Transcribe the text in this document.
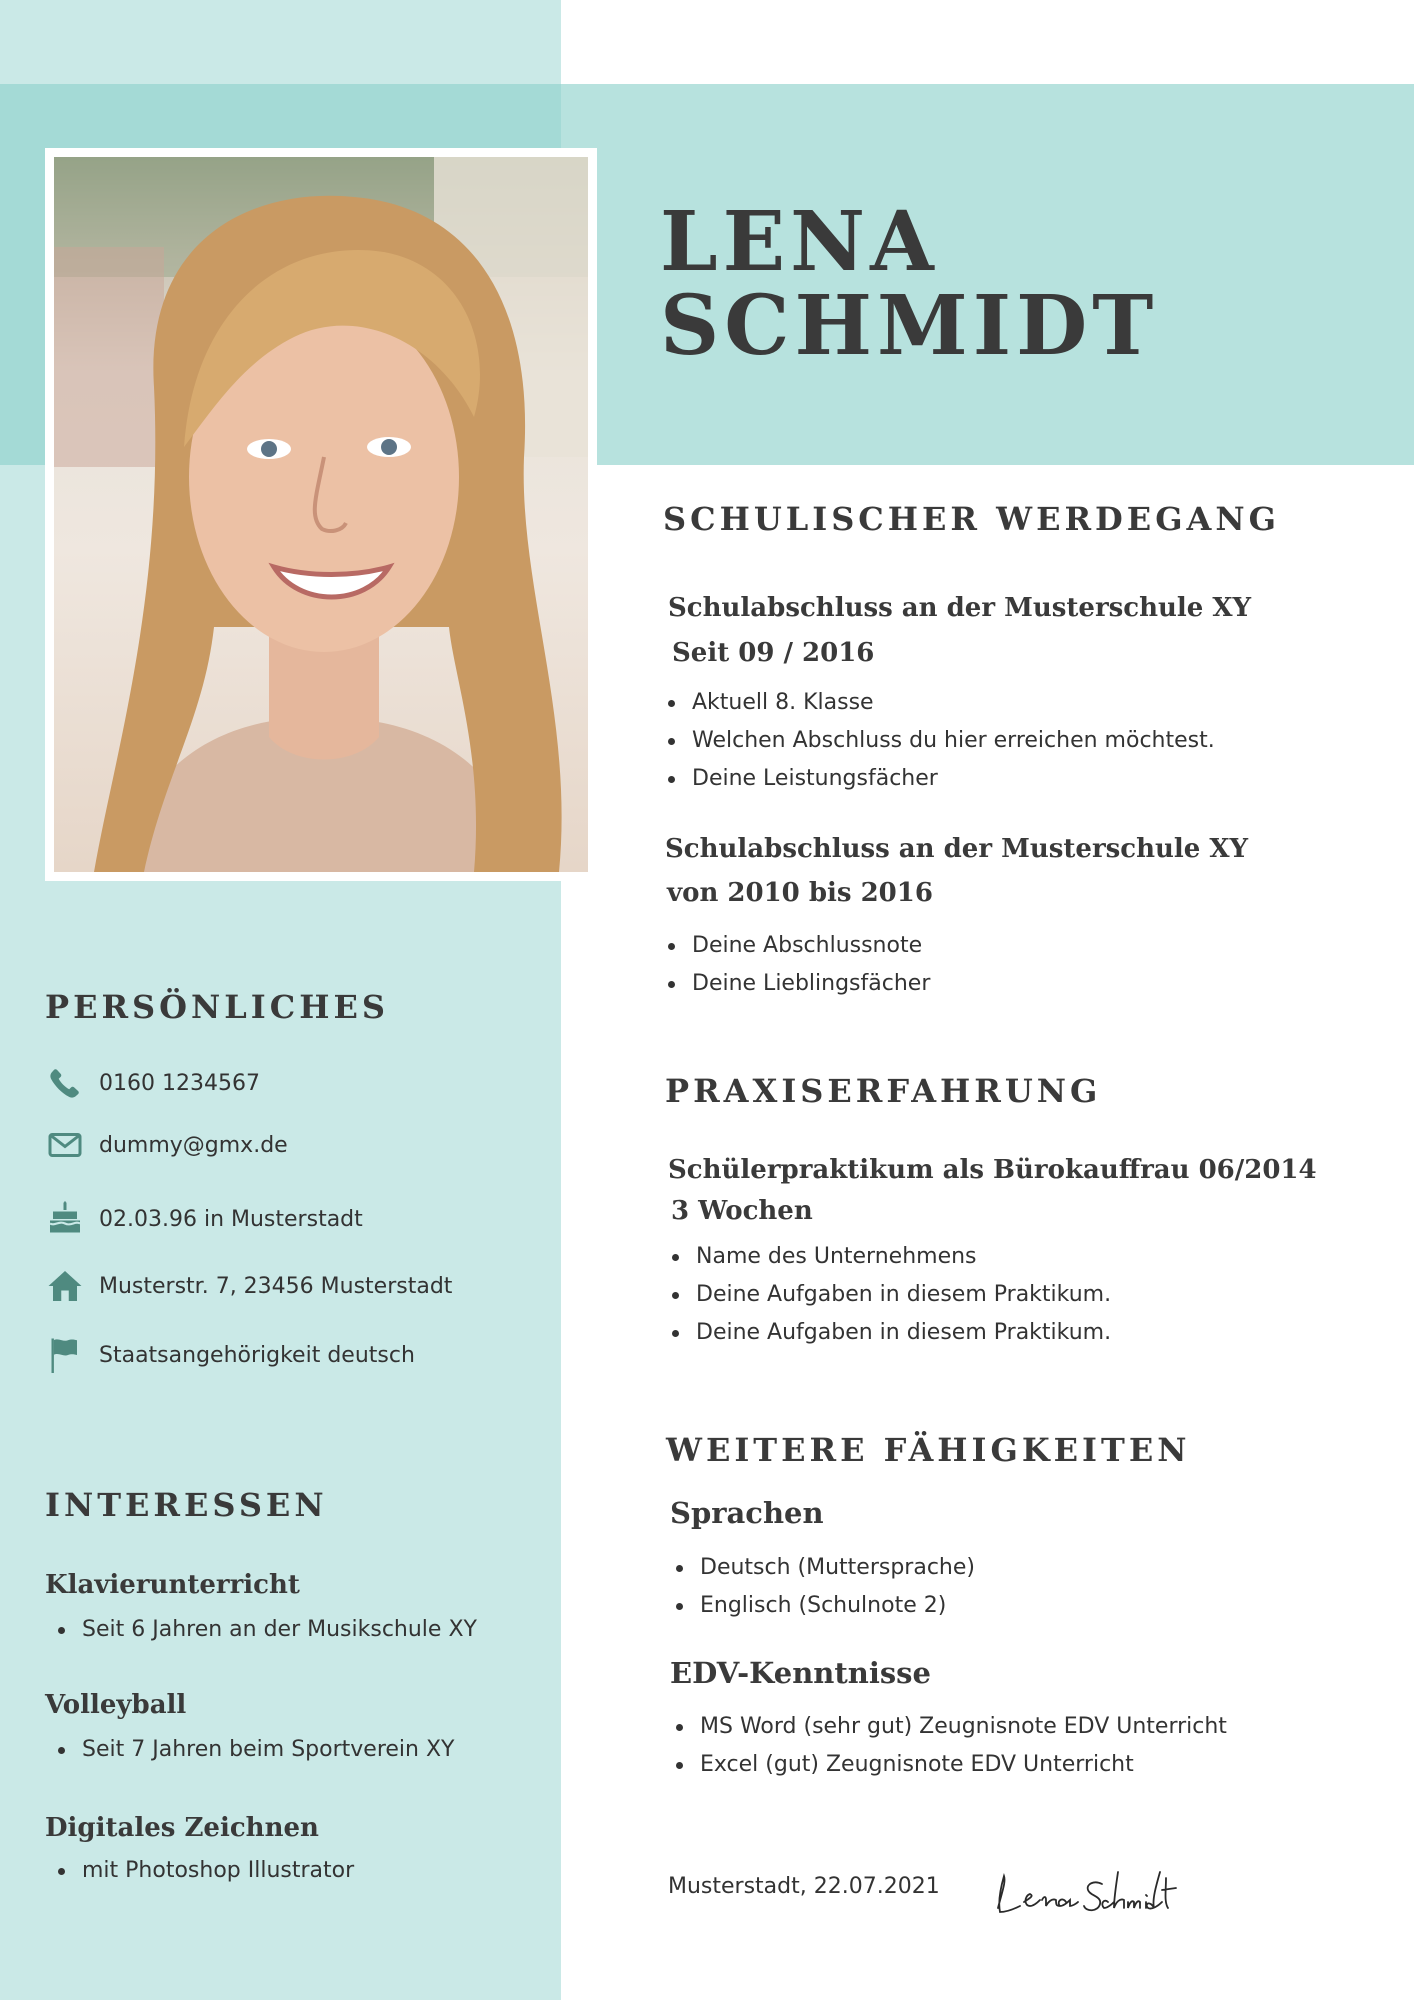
LENA
SCHMIDT
SCHULISCHER WERDEGANG
Schulabschluss an der Musterschule XY
Seit 09 / 2016
Aktuell 8. Klasse
Welchen Abschluss du hier erreichen möchtest.
Deine Leistungsfächer
Schulabschluss an der Musterschule XY
von 2010 bis 2016
Deine Abschlussnote
Deine Lieblingsfächer
PRAXISERFAHRUNG
Schülerpraktikum als Bürokauffrau 06/2014
3 Wochen
Name des Unternehmens
Deine Aufgaben in diesem Praktikum.
Deine Aufgaben in diesem Praktikum.
WEITERE FÄHIGKEITEN
Sprachen
Deutsch (Muttersprache)
Englisch (Schulnote 2)
EDV-Kenntnisse
MS Word (sehr gut) Zeugnisnote EDV Unterricht
Excel (gut) Zeugnisnote EDV Unterricht
PERSÖNLICHES
0160 1234567
dummy@gmx.de
02.03.96 in Musterstadt
Musterstr. 7, 23456 Musterstadt
Staatsangehörigkeit deutsch
INTERESSEN
Klavierunterricht
Seit 6 Jahren an der Musikschule XY
Volleyball
Seit 7 Jahren beim Sportverein XY
Digitales Zeichnen
mit Photoshop Illustrator
Musterstadt, 22.07.2021
